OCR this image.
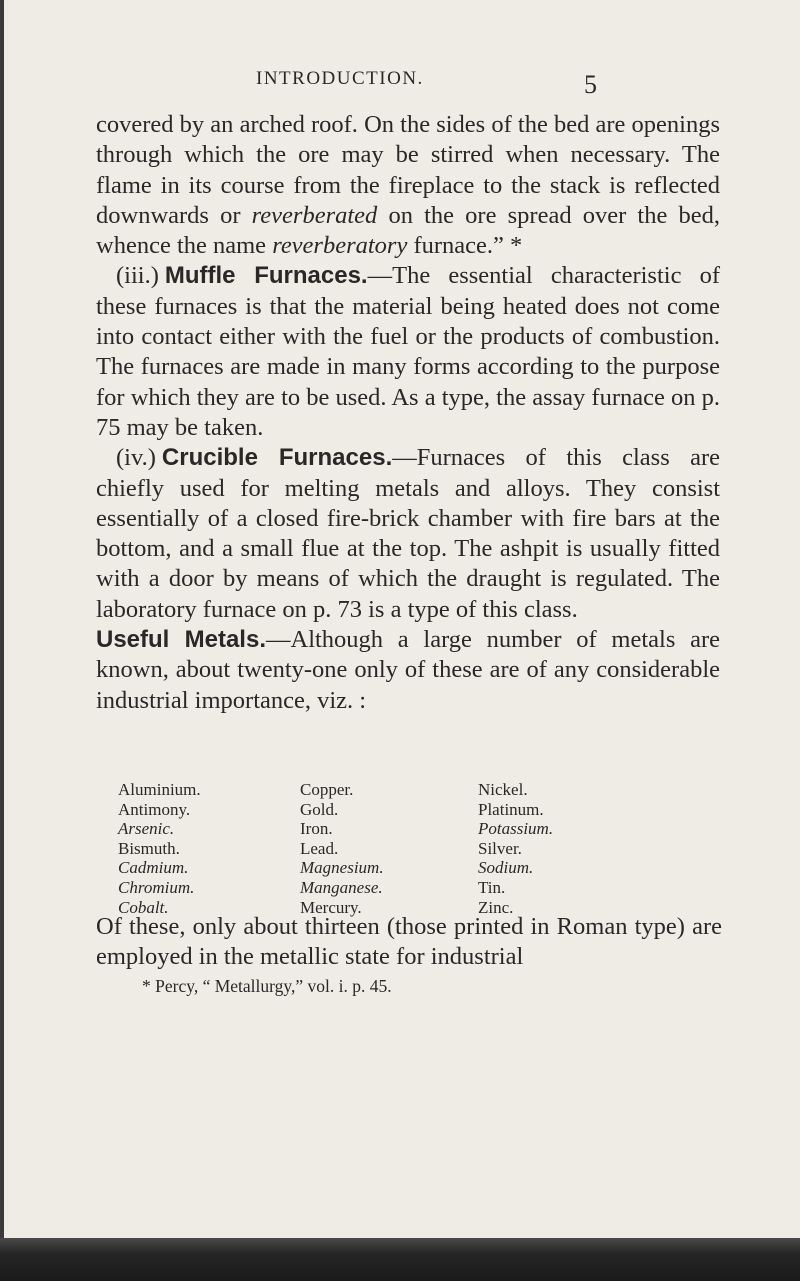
INTRODUCTION.	5

covered by an arched roof. On the sides of the bed are openings through which the ore may be stirred when necessary. The flame in its course from the fireplace to the stack is reflected downwards or reverberated on the ore spread over the bed, whence the name reverberatory furnace.” *

(iii.) Muffle Furnaces.—The essential characteristic of these furnaces is that the material being heated does not come into contact either with the fuel or the products of combustion. The furnaces are made in many forms according to the purpose for which they are to be used. As a type, the assay furnace on p. 75 may be taken.

(iv.) Crucible Furnaces.—Furnaces of this class are chiefly used for melting metals and alloys. They consist essentially of a closed fire-brick chamber with fire bars at the bottom, and a small flue at the top. The ashpit is usually fitted with a door by means of which the draught is regulated. The laboratory furnace on p. 73 is a type of this class.

Useful Metals.—Although a large number of metals are known, about twenty-one only of these are of any considerable industrial importance, viz. :

Aluminium.
Antimony.
Arsenic.
Bismuth.
Cadmium.
Chromium.
Cobalt.
Copper.
Gold.
Iron.
Lead.
Magnesium.
Manganese.
Mercury.
Nickel.
Platinum.
Potassium.
Silver.
Sodium.
Tin.
Zinc.

Of these, only about thirteen (those printed in Roman type) are employed in the metallic state for industrial

* Percy, “ Metallurgy,” vol. i. p. 45.
